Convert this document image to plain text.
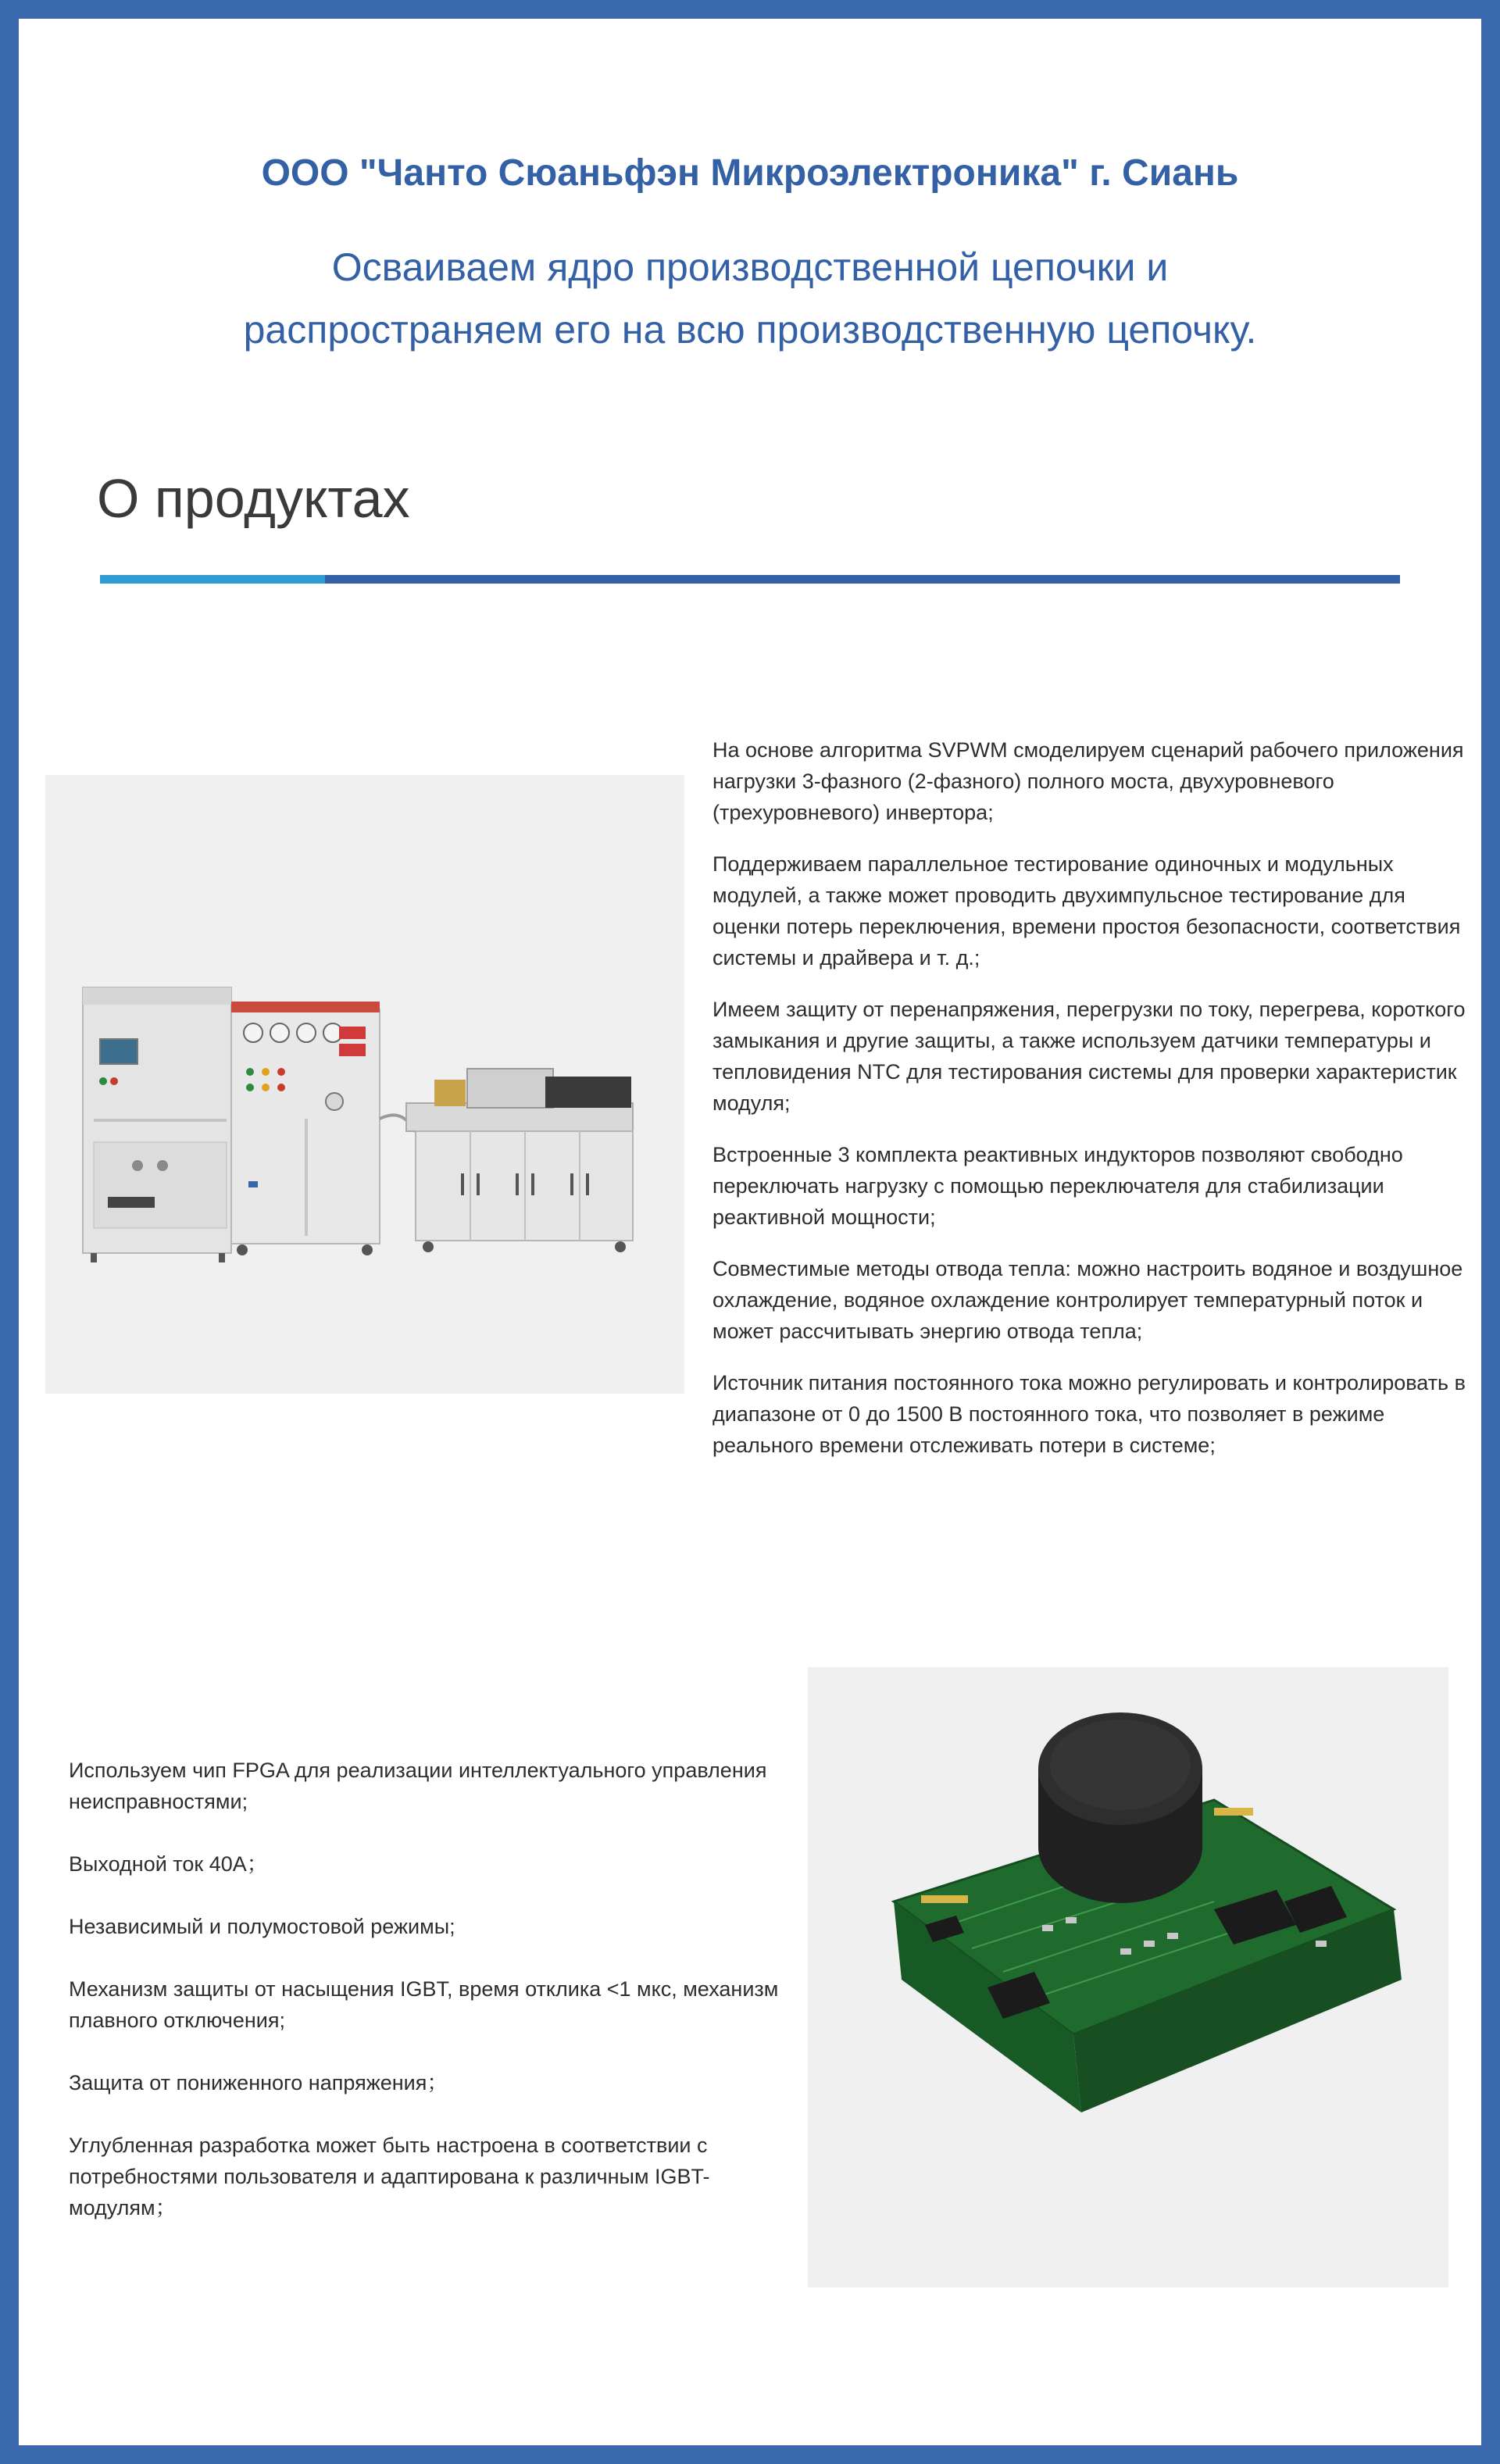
ООО "Чанто Сюаньфэн Микроэлектроника" г. Сиань
Осваиваем ядро производственной цепочки и
распространяем его на всю производственную цепочку.
О продуктах

На основе алгоритма SVPWM смоделируем сценарий рабочего приложения нагрузки 3-фазного (2-фазного) полного моста, двухуровневого (трехуровневого) инвертора;

Поддерживаем параллельное тестирование одиночных и модульных модулей, а также может проводить двухимпульсное тестирование для оценки потерь переключения, времени простоя безопасности, соответствия системы и драйвера и т. д.;

Имеем защиту от перенапряжения, перегрузки по току, перегрева, короткого замыкания и другие защиты, а также используем датчики температуры и тепловидения NTC для тестирования системы для проверки характеристик модуля;

Встроенные 3 комплекта реактивных индукторов позволяют свободно переключать нагрузку с помощью переключателя для стабилизации реактивной мощности;

Совместимые методы отвода тепла: можно настроить водяное и воздушное охлаждение, водяное охлаждение контролирует температурный поток и может рассчитывать энергию отвода тепла;

Источник питания постоянного тока можно регулировать и контролировать в диапазоне от 0 до 1500 В постоянного тока, что позволяет в режиме реального времени отслеживать потери в системе;

Используем чип FPGA для реализации интеллектуального управления неисправностями;

Выходной ток 40A；

Независимый и полумостовой режимы;

Механизм защиты от насыщения IGBT, время отклика <1 мкс, механизм плавного отключения;

Защита от пониженного напряжения；

Углубленная разработка может быть настроена в соответствии с потребностями пользователя и адаптирована к различным IGBT-модулям；
